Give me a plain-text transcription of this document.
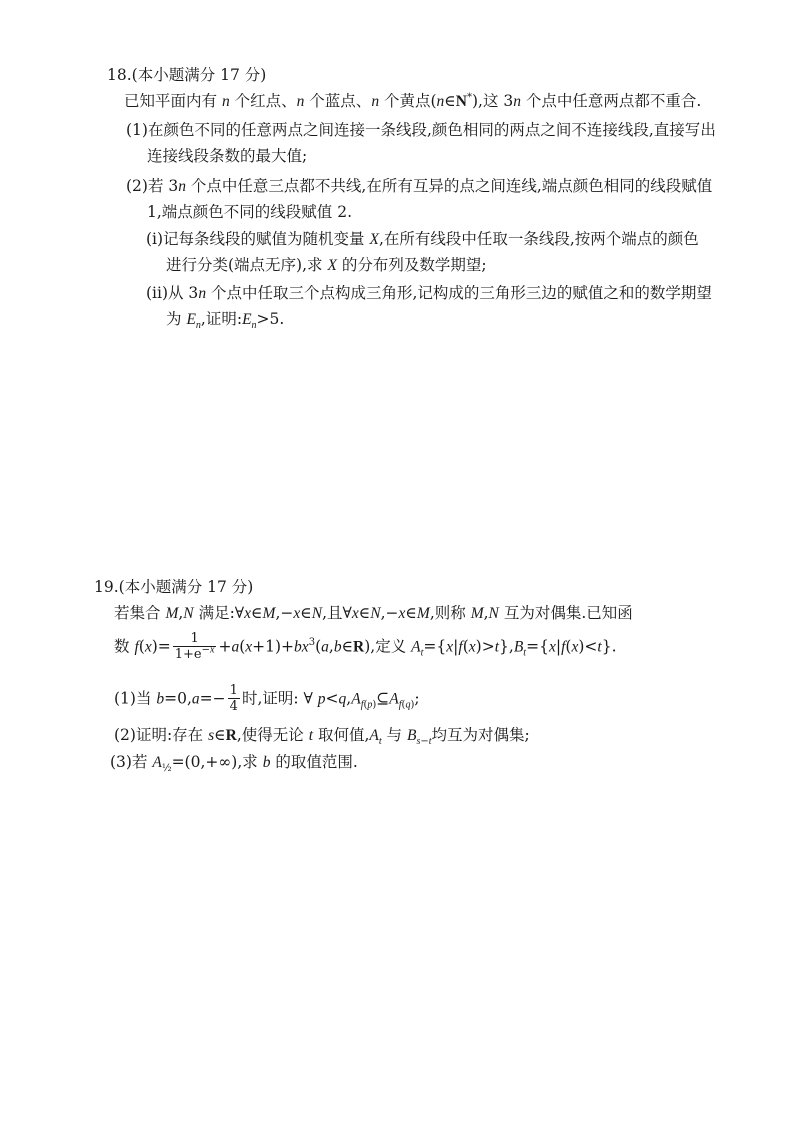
18.(本小题满分 17 分)
已知平面内有 n 个红点、n 个蓝点、n 个黄点(n∈N*),这 3n 个点中任意两点都不重合.
(1)在颜色不同的任意两点之间连接一条线段,颜色相同的两点之间不连接线段,直接写出
连接线段条数的最大值;
(2)若 3n 个点中任意三点都不共线,在所有互异的点之间连线,端点颜色相同的线段赋值
1,端点颜色不同的线段赋值 2.
(i)记每条线段的赋值为随机变量 X,在所有线段中任取一条线段,按两个端点的颜色
进行分类(端点无序),求 X 的分布列及数学期望;
(ii)从 3n 个点中任取三个点构成三角形,记构成的三角形三边的赋值之和的数学期望
为 $E_n$,证明$:E_n>5$.
19.(本小题满分 17 分)
若集合 M,N 满足:∀x∈M,−x∈N,且∀x∈N,−x∈M,则称 M,N 互为对偶集.已知函
数 $f(x)= \frac{1}{1+e^{-x}}$ $+a(x+1)+bx^3(a,b\in R)$,定义 $A_t=\{x|f(x)>t\},B_t=\{x|f(x)<t\}$.
(1)当 $b=0,a=- \frac{1}{4}$ 时,证明: ∀ $p<q,A_{f(p)}⊆A_{f(q)}$;
(2)证明:存在 s∈R,使得无论 t 取何值$,A_t$ 与 $B_{s-t}$均互为对偶集;
(3)若 $A_{\frac{1}{2}}=(0,+\infty)$,求 b 的取值范围.
